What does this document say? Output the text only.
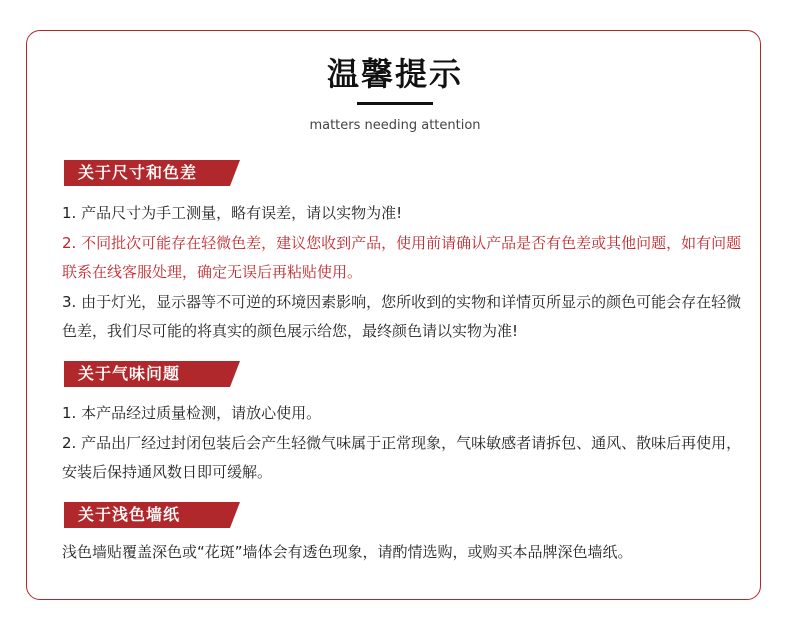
温馨提示
matters needing attention
关于尺寸和色差

1. 产品尺寸为手工测量，略有误差，请以实物为准!

2. 不同批次可能存在轻微色差，建议您收到产品，使用前请确认产品是否有色差或其他问题，如有问题联系在线客服处理，确定无误后再粘贴使用。

3. 由于灯光，显示器等不可逆的环境因素影响，您所收到的实物和详情页所显示的颜色可能会存在轻微色差，我们尽可能的将真实的颜色展示给您，最终颜色请以实物为准!

关于气味问题

1. 本产品经过质量检测，请放心使用。

2. 产品出厂经过封闭包装后会产生轻微气味属于正常现象，气味敏感者请拆包、通风、散味后再使用，安装后保持通风数日即可缓解。

关于浅色墙纸

浅色墙贴覆盖深色或“花斑”墙体会有透色现象，请酌情选购，或购买本品牌深色墙纸。
